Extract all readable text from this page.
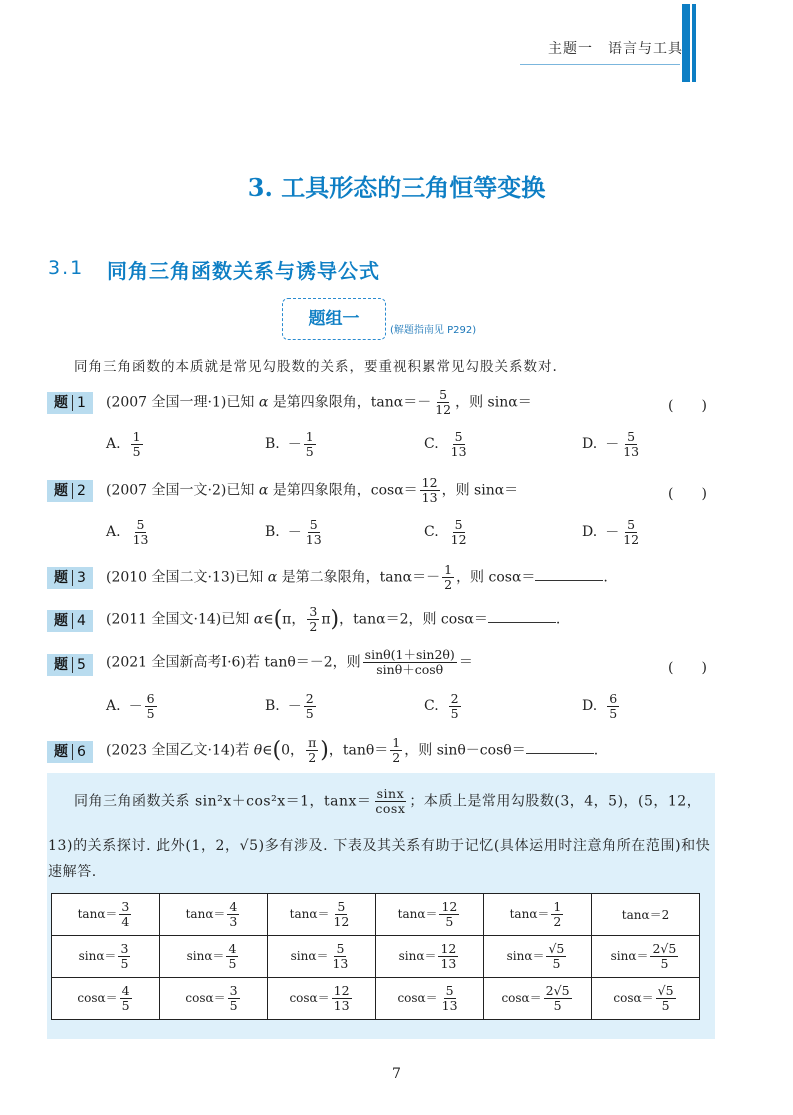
主题一　语言与工具
3. 工具形态的三角恒等变换
3.1 同角三角函数关系与诱导公式
题组一
(解题指南见 P292)
同角三角函数的本质就是常见勾股数的关系，要重视积累常见勾股关系数对.
题 1	(2007 全国一理·1)已知 α 是第四象限角，$\tan\alpha=- \frac{5}{12}$ ，则 sinα＝	(　　)
A. $\frac{1}{5}$	B. － $\frac{1}{5}$	C. $\frac{5}{13}$	D. － $\frac{5}{13}$
题 2	(2007 全国一文·2)已知 α 是第四象限角，$\cos\alpha= \frac{12}{13}$ ，则 sinα＝	(　　)
A. $\frac{5}{13}$	B. － $\frac{5}{13}$	C. $\frac{5}{12}$	D. － $\frac{5}{12}$
题 3	(2010 全国二文·13)已知 α 是第二象限角，$\tan\alpha=- \frac{1}{2}$ ，则 cosα＝	.
题 4	(2011 全国文·14)已知 α∈(π， $\frac{3}{2} \pi$)，tanα＝2，则 cosα＝	.
题 5	(2021 全国新高考Ⅰ·6)若 tanθ＝－2，则 $\frac{\sin\theta(1+\sin 2\theta)}{\sin\theta+\cos\theta}$ ＝	(　　)
A. － $\frac{6}{5}$	B. － $\frac{2}{5}$	C. $\frac{2}{5}$	D. $\frac{6}{5}$
题 6	(2023 全国乙文·14)若 θ∈(0， $\frac{\pi}{2}$ )，$\tan\theta= \frac{1}{2}$ ，则 sinθ－cosθ＝	.
同角三角函数关系 sin²x＋cos²x＝1，$\tan x= \frac{\sin x}{\cos x}$ ；本质上是常用勾股数(3，4，5)，(5，12，
13)的关系探讨. 此外(1，2，√5)多有涉及. 下表及其关系有助于记忆(具体运用时注意角所在范围)和快速解答.
$\tan\alpha= \frac{3}{4}$	$\tan\alpha= \frac{4}{3}$	$\tan\alpha= \frac{5}{12}$	$\tan\alpha= \frac{12}{5}$	$\tan\alpha= \frac{1}{2}$	tanα＝2
$\sin\alpha= \frac{3}{5}$	$\sin\alpha= \frac{4}{5}$	$\sin\alpha= \frac{5}{13}$	$\sin\alpha= \frac{12}{13}$	$\sin\alpha= \frac{√5}{5}$	$\sin\alpha= \frac{2√5}{5}$

$\cos\alpha= \frac{4}{5}$	$\cos\alpha= \frac{3}{5}$	$\cos\alpha= \frac{12}{13}$	$\cos\alpha= \frac{5}{13}$	$\cos\alpha= \frac{2√5}{5}$	$\cos\alpha= \frac{√5}{5}$
7
